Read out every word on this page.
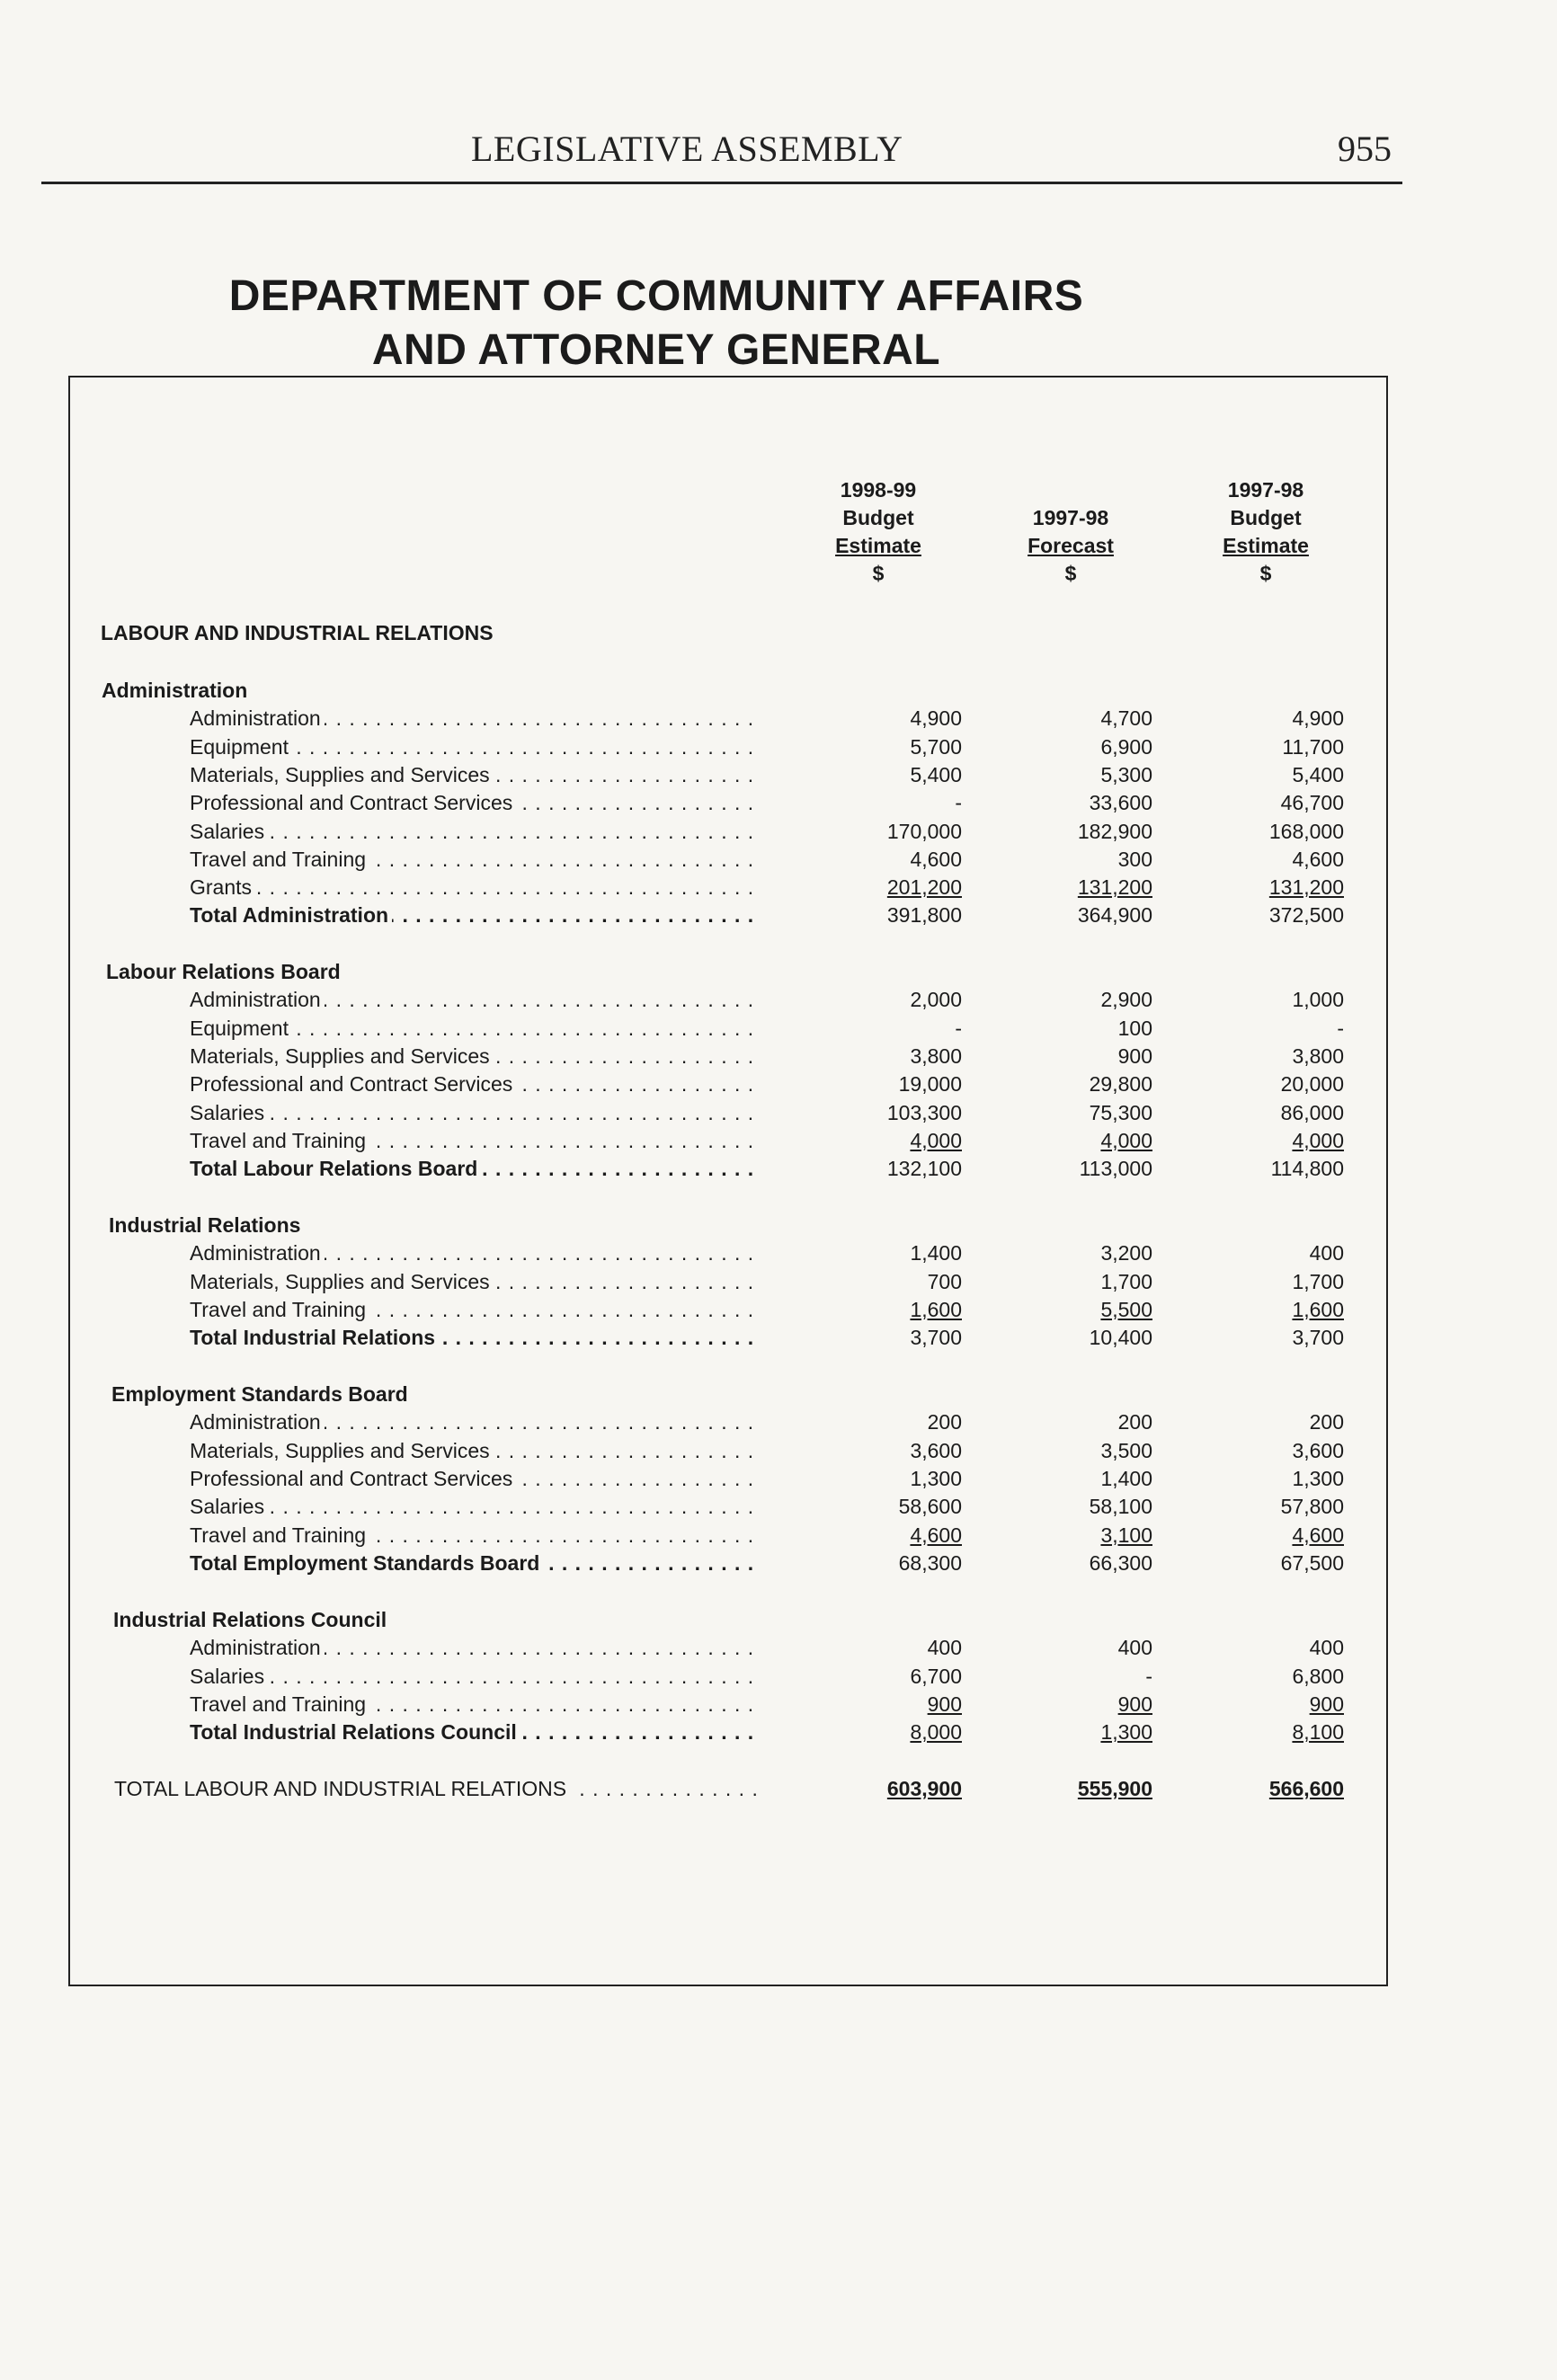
LEGISLATIVE ASSEMBLY	955
DEPARTMENT OF COMMUNITY AFFAIRS
AND ATTORNEY GENERAL
1998-99
Budget
Estimate
$
1997-98
Forecast
$
1997-98
Budget
Estimate
$
LABOUR AND INDUSTRIAL RELATIONS
Administration
Administration . . .	4,900	4,700	4,900
Equipment . . .	5,700	6,900	11,700
Materials, Supplies and Services . . .	5,400	5,300	5,400
Professional and Contract Services . . .	-	33,600	46,700
Salaries . . .	170,000	182,900	168,000
Travel and Training . . .	4,600	300	4,600
Grants . . .	201,200	131,200	131,200
Total Administration . . .	391,800	364,900	372,500
Labour Relations Board
Administration . . .	2,000	2,900	1,000
Equipment . . .	-	100	-
Materials, Supplies and Services . . .	3,800	900	3,800
Professional and Contract Services . . .	19,000	29,800	20,000
Salaries . . .	103,300	75,300	86,000
Travel and Training . . .	4,000	4,000	4,000
Total Labour Relations Board . . .	132,100	113,000	114,800
Industrial Relations
Administration . . .	1,400	3,200	400
Materials, Supplies and Services . . .	700	1,700	1,700
Travel and Training . . .	1,600	5,500	1,600
Total Industrial Relations . . .	3,700	10,400	3,700
Employment Standards Board
Administration . . .	200	200	200
Materials, Supplies and Services . . .	3,600	3,500	3,600
Professional and Contract Services . . .	1,300	1,400	1,300
Salaries . . .	58,600	58,100	57,800
Travel and Training . . .	4,600	3,100	4,600
Total Employment Standards Board . . .	68,300	66,300	67,500
Industrial Relations Council
Administration . . .	400	400	400
Salaries . . .	6,700	-	6,800
Travel and Training . . .	900	900	900
Total Industrial Relations Council . . .	8,000	1,300	8,100
TOTAL LABOUR AND INDUSTRIAL RELATIONS . . .	603,900	555,900	566,600
